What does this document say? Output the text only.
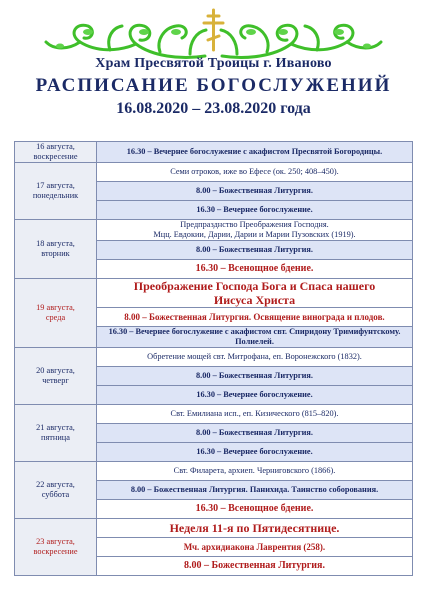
Храм Пресвятой Троицы г. Иваново
РАСПИСАНИЕ БОГОСЛУЖЕНИЙ
16.08.2020 – 23.08.2020 года
16 августа,
воскресение	16.30 – Вечернее богослужение с акафистом Пресвятой Богородицы.

17 августа,
понедельник	Семи отроков, иже во Ефесе (ок. 250; 408–450).

	8.00 – Божественная Литургия.

	16.30 – Вечернее богослужение.

18 августа,
вторник	Предпразднство Преображения Господня.
Мцц. Евдокии, Дарии, Дарии и Марии Пузовских (1919).

	8.00 – Божественная Литургия.

	16.30 – Всенощное бдение.

19 августа,
среда	Преображение Господа Бога и Спаса нашего
Иисуса Христа

	8.00 – Божественная Литургия. Освящение винограда и плодов.

	16.30 – Вечернее богослужение с акафистом свт. Спиридону Тримифунтскому.
Полиелей.

20 августа,
четверг	Обретение мощей свт. Митрофана, еп. Воронежского (1832).

	8.00 – Божественная Литургия.

	16.30 – Вечернее богослужение.

21 августа,
пятница	Свт. Емилиана исп., еп. Кизического (815–820).

	8.00 – Божественная Литургия.

	16.30 – Вечернее богослужение.

22 августа,
суббота	Свт. Филарета, архиеп. Черниговского (1866).

	8.00 – Божественная Литургия. Панихида. Таинство соборования.

	16.30 – Всенощное бдение.

23 августа,
воскресение	Неделя 11-я по Пятидесятнице.

	Мч. архидиакона Лаврентия (258).

	8.00 – Божественная Литургия.
